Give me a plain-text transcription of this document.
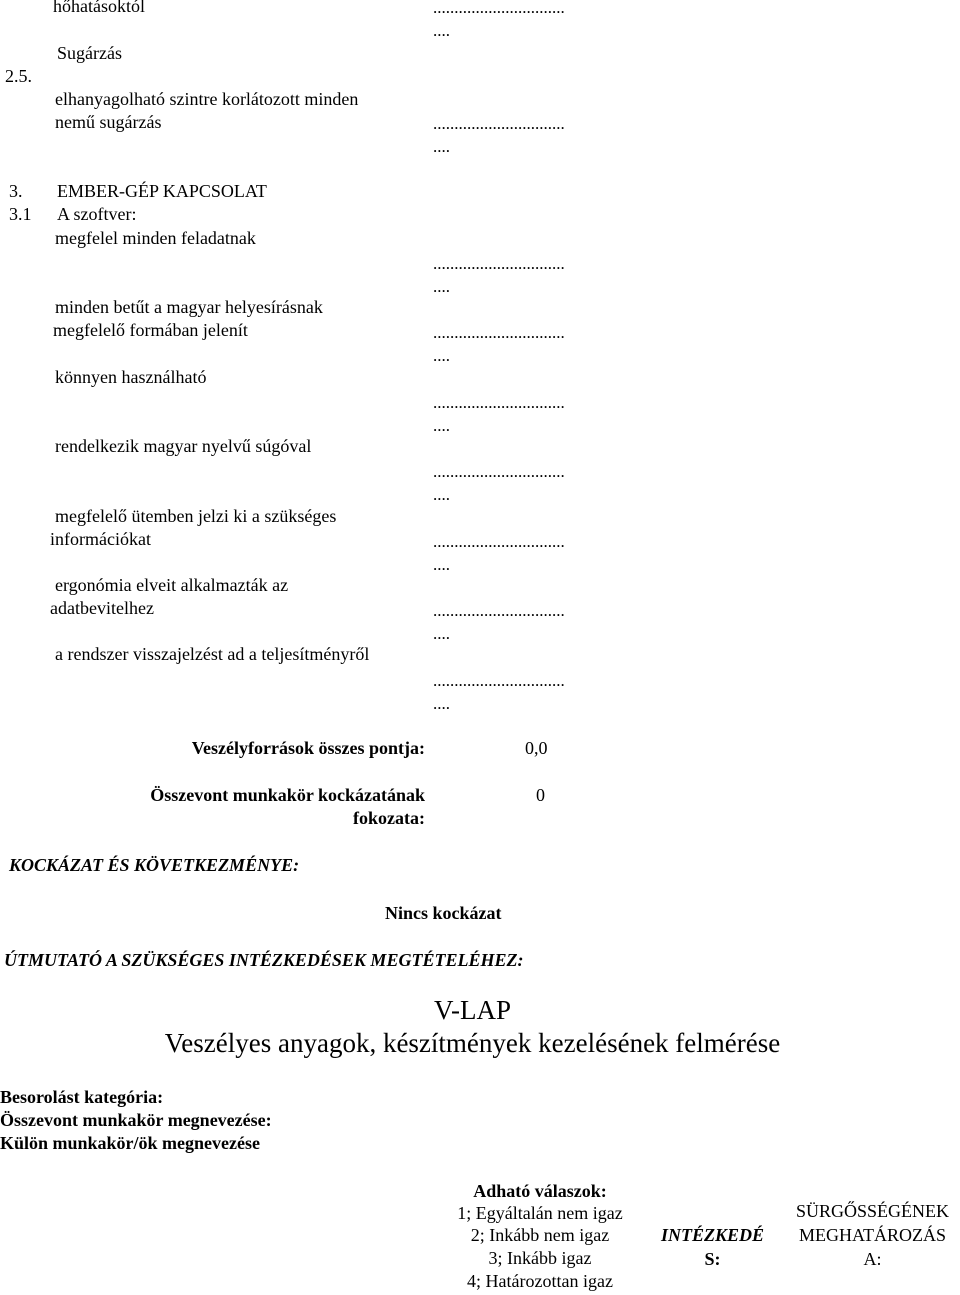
hőhatásoktól
2.5.
Sugárzás
elhanyagolható szintre korlátozott minden
nemű sugárzás
3. EMBER-GÉP KAPCSOLAT
3.1 A szoftver:
megfelel minden feladatnak
minden betűt a magyar helyesírásnak
megfelelő formában jelenít
könnyen használható
rendelkezik magyar nyelvű súgóval
megfelelő ütemben jelzi ki a szükséges
információkat
ergonómia elveit alkalmazták az
adatbevitelhez
a rendszer visszajelzést ad a teljesítményről
...............................
....
...............................
....
...............................
....
...............................
....
...............................
....
...............................
....
...............................
....
...............................
....
...............................
....
Veszélyforrások összes pontja:	0,0
Összevont munkakör kockázatának
fokozata:
0
KOCKÁZAT ÉS KÖVETKEZMÉNYE:
Nincs kockázat
ÚTMUTATÓ A SZÜKSÉGES INTÉZKEDÉSEK MEGTÉTELÉHEZ:
V-LAP
Veszélyes anyagok, készítmények kezelésének felmérése
Besorolást kategória:
Összevont munkakör megnevezése:
Külön munkakör/ök megnevezése
Adható válaszok:
1; Egyáltalán nem igaz
2; Inkább nem igaz
3; Inkább igaz
4; Határozottan igaz
INTÉZKEDÉ
S:
SÜRGŐSSÉGÉNEK
MEGHATÁROZÁS
A:
